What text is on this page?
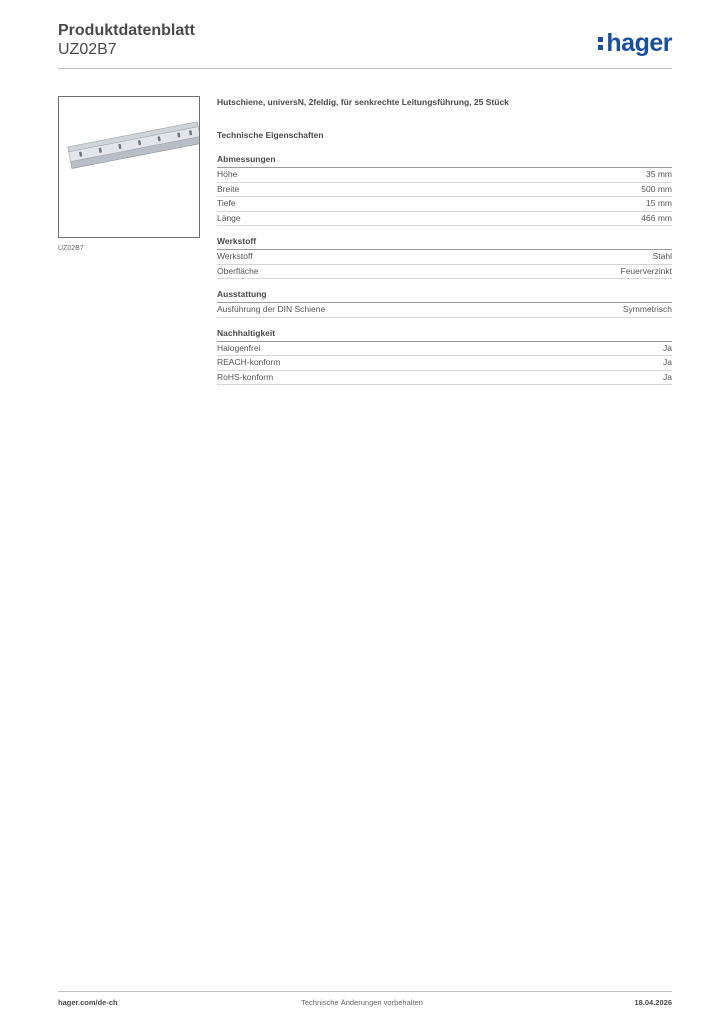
Produktdatenblatt
UZ02B7	hager
UZ02B7
Hutschiene, universN, 2feldig, für senkrechte Leitungsführung, 25 Stück
Technische Eigenschaften
Abmessungen
Höhe	35 mm
Breite	500 mm
Tiefe	15 mm
Länge	466 mm
Werkstoff
Werkstoff	Stahl
Oberfläche	Feuerverzinkt
Ausstattung
Ausführung der DIN Schiene	Symmetrisch
Nachhaltigkeit
Halogenfrei	Ja
REACH-konform	Ja
RoHS-konform	Ja
hager.com/de-ch	Technische Änderungen vorbehalten	18.04.2026
